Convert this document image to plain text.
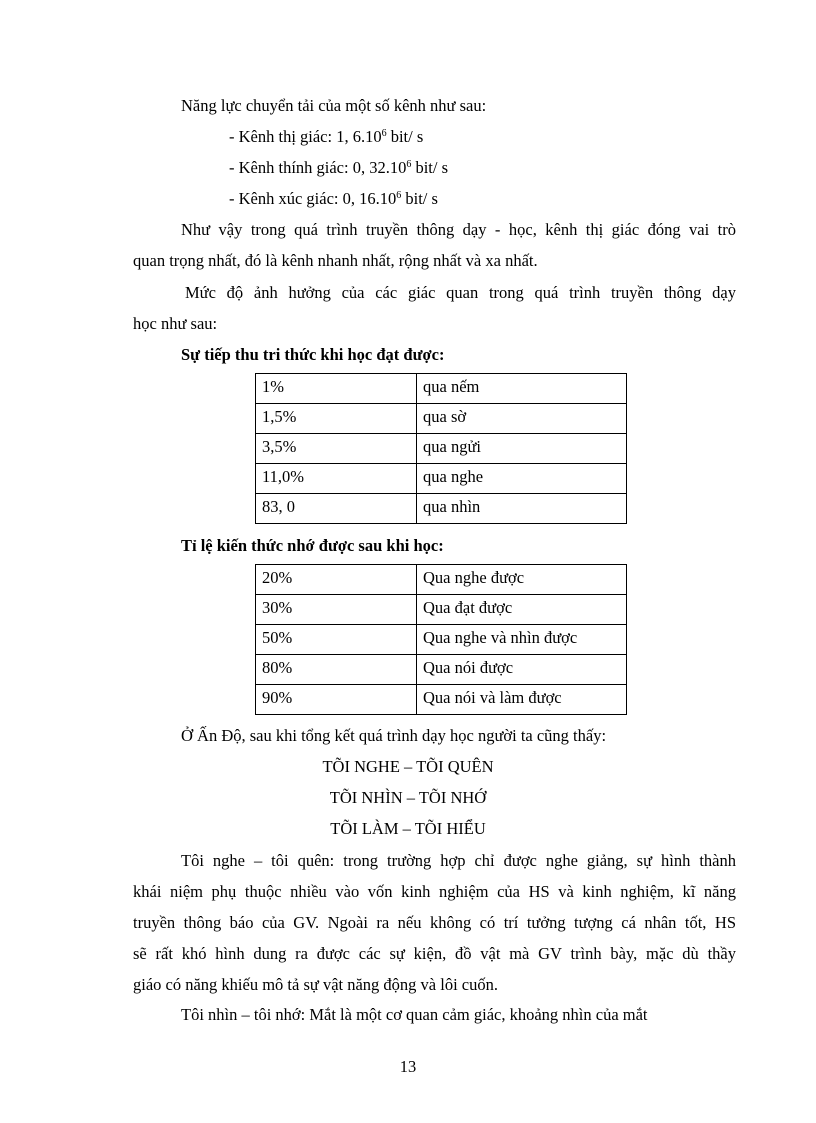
Năng lực chuyển tải của một số kênh như sau:
- Kênh thị giác: 1, 6.10$^6$ bit/ s
- Kênh thính giác: 0, 32.10$^6$ bit/ s
- Kênh xúc giác: 0, 16.10$^6$ bit/ s
Như vậy trong quá trình truyền thông dạy - học, kênh thị giác đóng vai trò
quan trọng nhất, đó là kênh nhanh nhất, rộng nhất và xa nhất.
Mức độ ảnh hưởng của các giác quan trong quá trình truyền thông dạy
học như sau:
Sự tiếp thu tri thức khi học đạt được:
1%	qua nếm
1,5%	qua sờ
3,5%	qua ngửi
11,0%	qua nghe
83, 0	qua nhìn
Tỉ lệ kiến thức nhớ được sau khi học:
20%	Qua nghe được
30%	Qua đạt được
50%	Qua nghe và nhìn được
80%	Qua nói được
90%	Qua nói và làm được
Ở Ấn Độ, sau khi tổng kết quá trình dạy học người ta cũng thấy:
TÕI NGHE – TÕI QUÊN
TÕI NHÌN – TÕI NHỚ
TÕI LÀM – TÕI HIỂU
Tôi nghe – tôi quên: trong trường hợp chỉ được nghe giảng, sự hình thành
khái niệm phụ thuộc nhiều vào vốn kinh nghiệm của HS và kinh nghiệm, kĩ năng
truyền thông báo của GV. Ngoài ra nếu không có trí tưởng tượng cá nhân tốt, HS
sẽ rất khó hình dung ra được các sự kiện, đồ vật mà GV trình bày, mặc dù thầy
giáo có năng khiếu mô tả sự vật năng động và lôi cuốn.
Tôi nhìn – tôi nhớ: Mắt là một cơ quan cảm giác, khoảng nhìn của mắt
13
